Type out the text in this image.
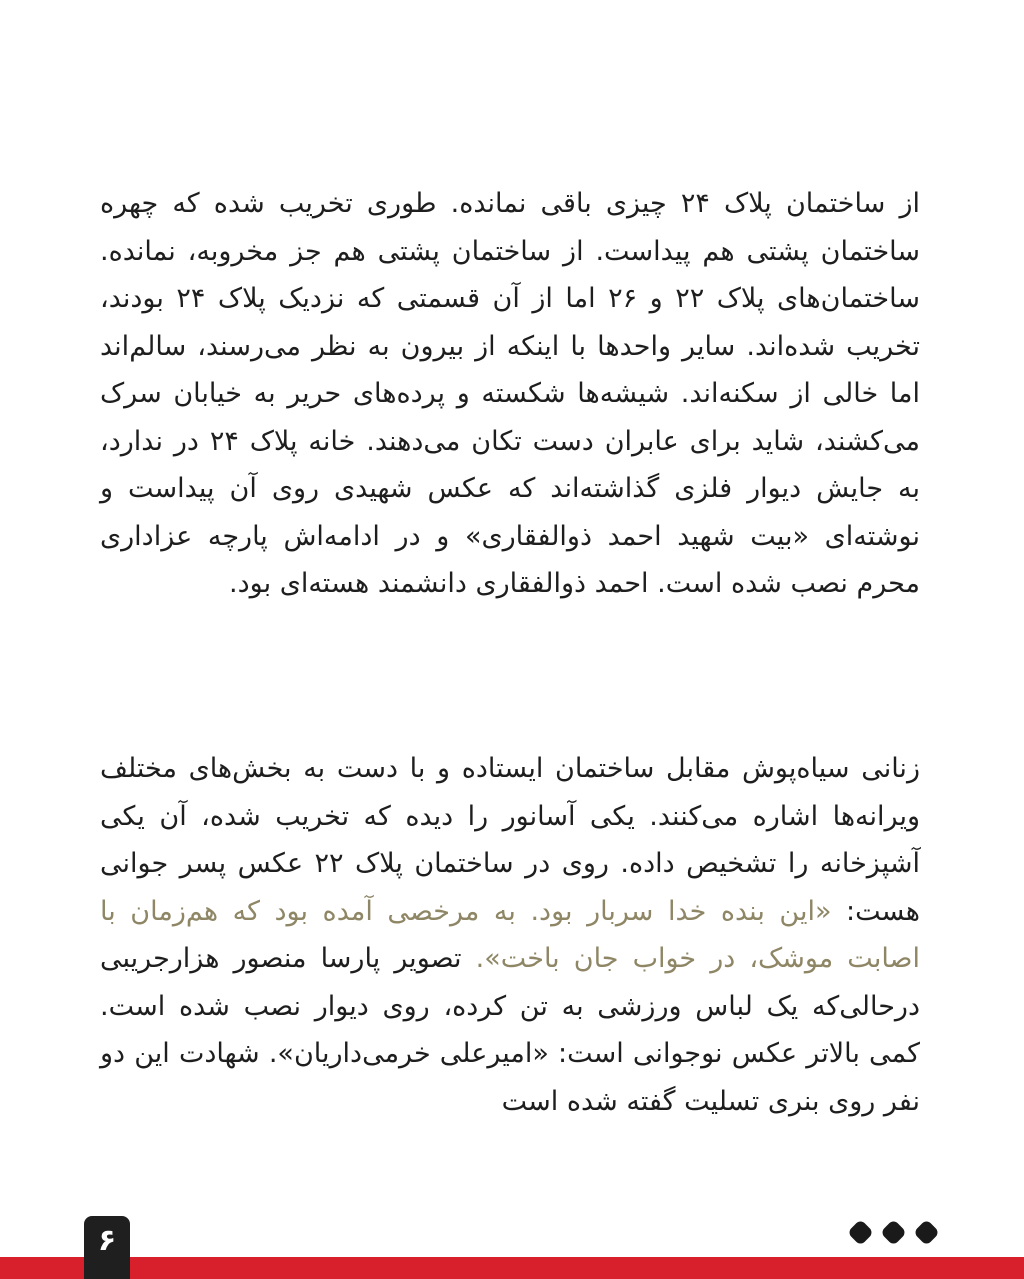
از ساختمان پلاک ۲۴ چیزی باقی نمانده. طوری تخریب شده که چهره ساختمان پشتی هم پیداست. از ساختمان پشتی هم جز مخروبه، نمانده. ساختمان‌های پلاک ۲۲ و ۲۶ اما از آن قسمتی که نزدیک پلاک ۲۴ بودند، تخریب شده‌اند. سایر واحدها با اینکه از بیرون به نظر می‌رسند، سالم‌اند اما خالی از سکنه‌اند. شیشه‌ها شکسته و پرده‌های حریر به خیابان سرک می‌کشند، شاید برای عابران دست تکان می‌دهند. خانه پلاک ۲۴ در ندارد، به جایش دیوار فلزی گذاشته‌اند که عکس شهیدی روی آن پیداست و نوشته‌ای «بیت شهید احمد ذوالفقاری» و در ادامه‌اش پارچه عزاداری محرم نصب شده است. احمد ذوالفقاری دانشمند هسته‌ای بود.

زنانی سیاه‌پوش مقابل ساختمان ایستاده و با دست به بخش‌های مختلف ویرانه‌ها اشاره می‌کنند. یکی آسانور را دیده که تخریب شده، آن یکی آشپزخانه را تشخیص داده. روی در ساختمان پلاک ۲۲ عکس پسر جوانی هست: «این بنده خدا سربار بود. به مرخصی آمده بود که هم‌زمان با اصابت موشک، در خواب جان باخت». تصویر پارسا منصور هزارجریبی درحالی‌که یک لباس ورزشی به تن کرده، روی دیوار نصب شده است. کمی بالاتر عکس نوجوانی است: «امیرعلی خرمی‌داریان». شهادت این دو نفر روی بنری تسلیت گفته شده است

۶
